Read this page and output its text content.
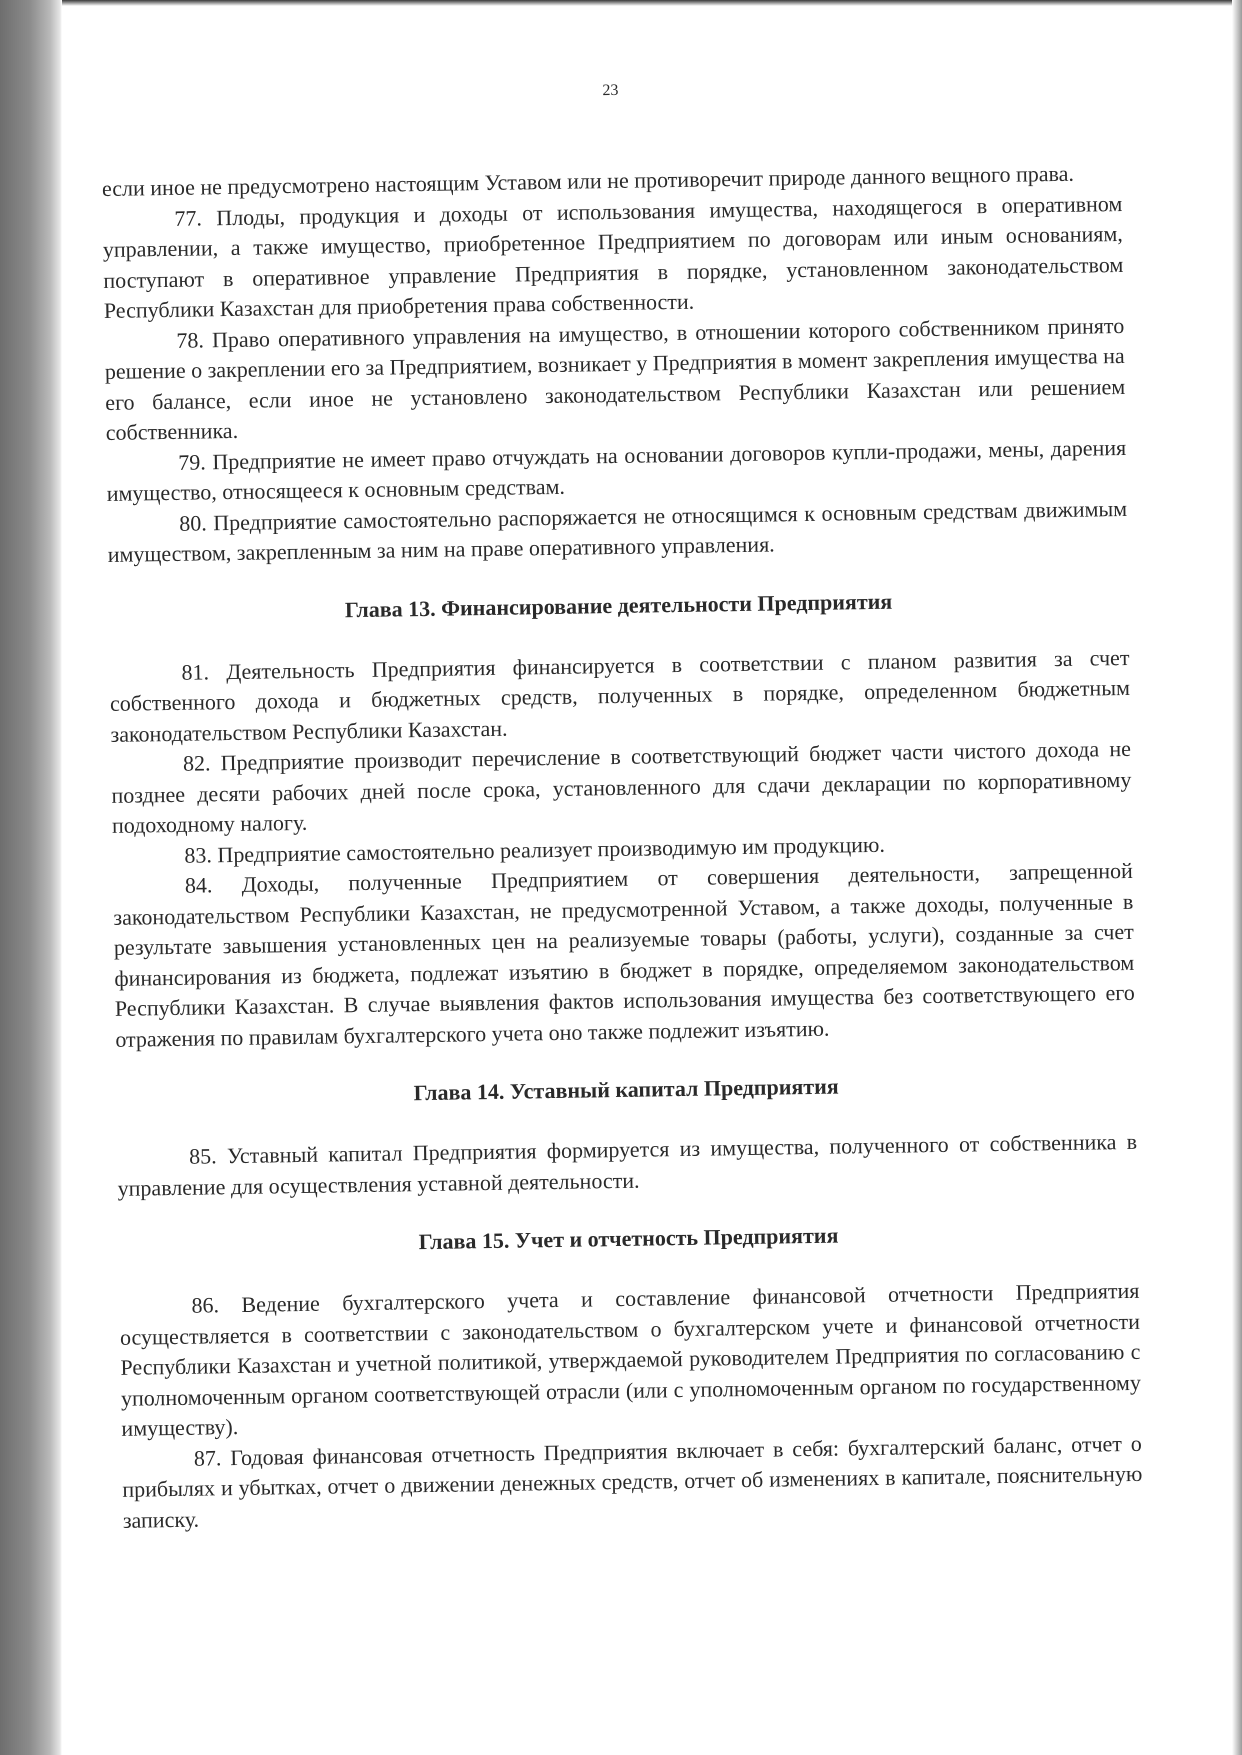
23

если иное не предусмотрено настоящим Уставом или не противоречит природе данного вещного права.

77. Плоды, продукция и доходы от использования имущества, находящегося в оперативном управлении, а также имущество, приобретенное Предприятием по договорам или иным основаниям, поступают в оперативное управление Предприятия в порядке, установленном законодательством Республики Казахстан для приобретения права собственности.

78. Право оперативного управления на имущество, в отношении которого собственником принято решение о закреплении его за Предприятием, возникает у Предприятия в момент закрепления имущества на его балансе, если иное не установлено законодательством Республики Казахстан или решением собственника.

79. Предприятие не имеет право отчуждать на основании договоров купли-продажи, мены, дарения имущество, относящееся к основным средствам.

80. Предприятие самостоятельно распоряжается не относящимся к основным средствам движимым имуществом, закрепленным за ним на праве оперативного управления.

Глава 13. Финансирование деятельности Предприятия

81. Деятельность Предприятия финансируется в соответствии с планом развития за счет собственного дохода и бюджетных средств, полученных в порядке, определенном бюджетным законодательством Республики Казахстан.

82. Предприятие производит перечисление в соответствующий бюджет части чистого дохода не позднее десяти рабочих дней после срока, установленного для сдачи декларации по корпоративному подоходному налогу.

83. Предприятие самостоятельно реализует производимую им продукцию.

84. Доходы, полученные Предприятием от совершения деятельности, запрещенной законодательством Республики Казахстан, не предусмотренной Уставом, а также доходы, полученные в результате завышения установленных цен на реализуемые товары (работы, услуги), созданные за счет финансирования из бюджета, подлежат изъятию в бюджет в порядке, определяемом законодательством Республики Казахстан. В случае выявления фактов использования имущества без соответствующего его отражения по правилам бухгалтерского учета оно также подлежит изъятию.

Глава 14. Уставный капитал Предприятия

85. Уставный капитал Предприятия формируется из имущества, полученного от собственника в управление для осуществления уставной деятельности.

Глава 15. Учет и отчетность Предприятия

86. Ведение бухгалтерского учета и составление финансовой отчетности Предприятия осуществляется в соответствии с законодательством о бухгалтерском учете и финансовой отчетности Республики Казахстан и учетной политикой, утверждаемой руководителем Предприятия по согласованию с уполномоченным органом соответствующей отрасли (или с уполномоченным органом по государственному имуществу).

87. Годовая финансовая отчетность Предприятия включает в себя: бухгалтерский баланс, отчет о прибылях и убытках, отчет о движении денежных средств, отчет об изменениях в капитале, пояснительную записку.
